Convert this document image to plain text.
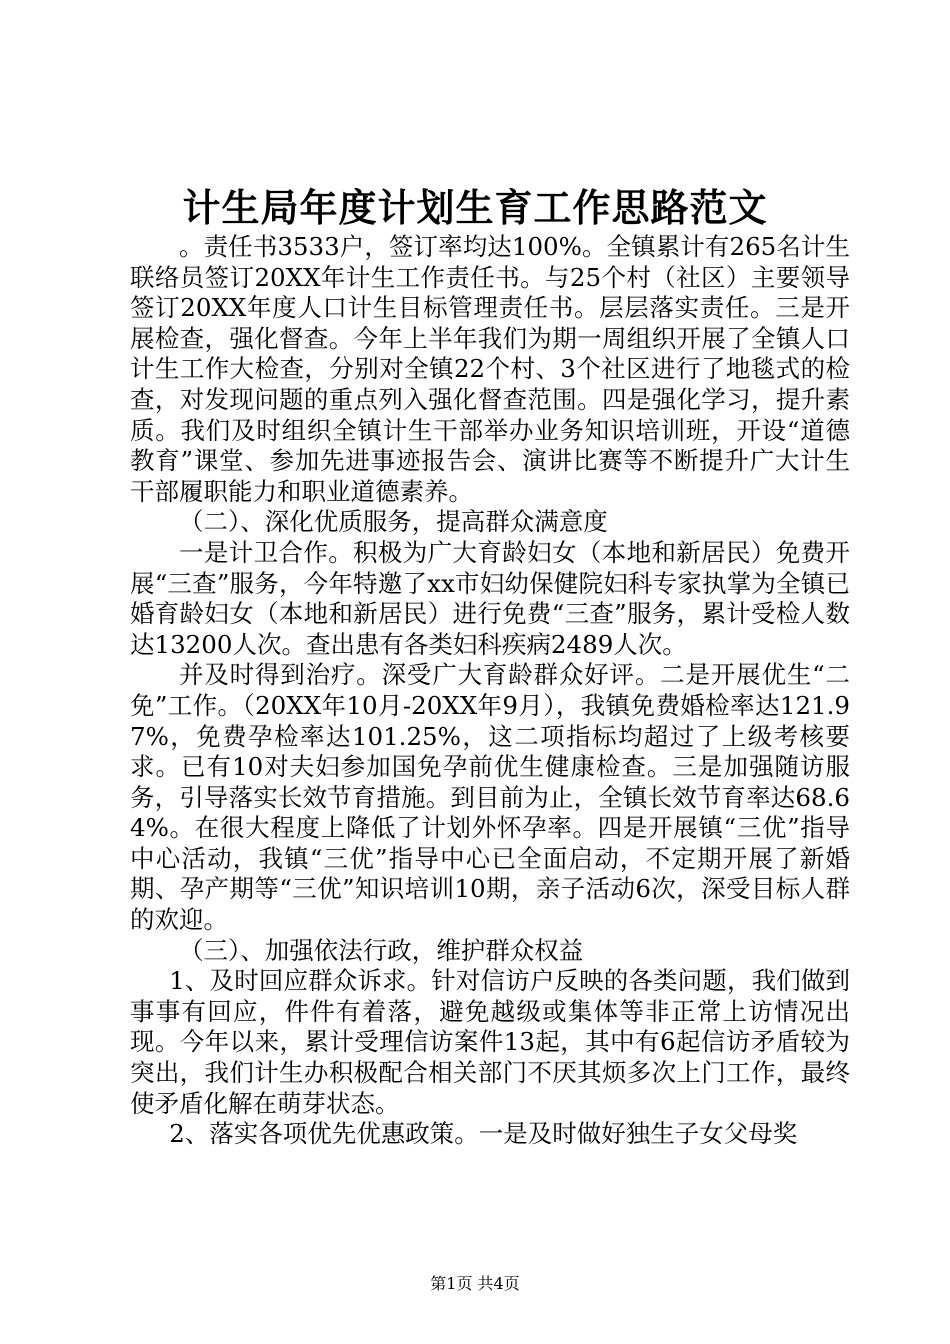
计生局年度计划生育工作思路范文

。责任书3533户，签订率均达100%。全镇累计有265名计生联络员签订20XX年计生工作责任书。与25个村（社区）主要领导签订20XX年度人口计生目标管理责任书。层层落实责任。三是开展检查，强化督查。今年上半年我们为期一周组织开展了全镇人口计生工作大检查，分别对全镇22个村、3个社区进行了地毯式的检查，对发现问题的重点列入强化督查范围。四是强化学习，提升素质。我们及时组织全镇计生干部举办业务知识培训班，开设“道德教育”课堂、参加先进事迹报告会、演讲比赛等不断提升广大计生干部履职能力和职业道德素养。

（二）、深化优质服务，提高群众满意度

一是计卫合作。积极为广大育龄妇女（本地和新居民）免费开展“三查”服务，今年特邀了xx市妇幼保健院妇科专家执掌为全镇已婚育龄妇女（本地和新居民）进行免费“三查”服务，累计受检人数达13200人次。查出患有各类妇科疾病2489人次。

并及时得到治疗。深受广大育龄群众好评。二是开展优生“二免”工作。（20XX年10月-20XX年9月），我镇免费婚检率达121.97%，免费孕检率达101.25%，这二项指标均超过了上级考核要求。已有10对夫妇参加国免孕前优生健康检查。三是加强随访服务，引导落实长效节育措施。到目前为止，全镇长效节育率达68.64%。在很大程度上降低了计划外怀孕率。四是开展镇“三优”指导中心活动，我镇“三优”指导中心已全面启动，不定期开展了新婚期、孕产期等“三优”知识培训10期，亲子活动6次，深受目标人群的欢迎。

（三）、加强依法行政，维护群众权益

1、及时回应群众诉求。针对信访户反映的各类问题，我们做到事事有回应，件件有着落，避免越级或集体等非正常上访情况出现。今年以来，累计受理信访案件13起，其中有6起信访矛盾较为突出，我们计生办积极配合相关部门不厌其烦多次上门工作，最终使矛盾化解在萌芽状态。

2、落实各项优先优惠政策。一是及时做好独生子女父母奖

第1页 共4页
